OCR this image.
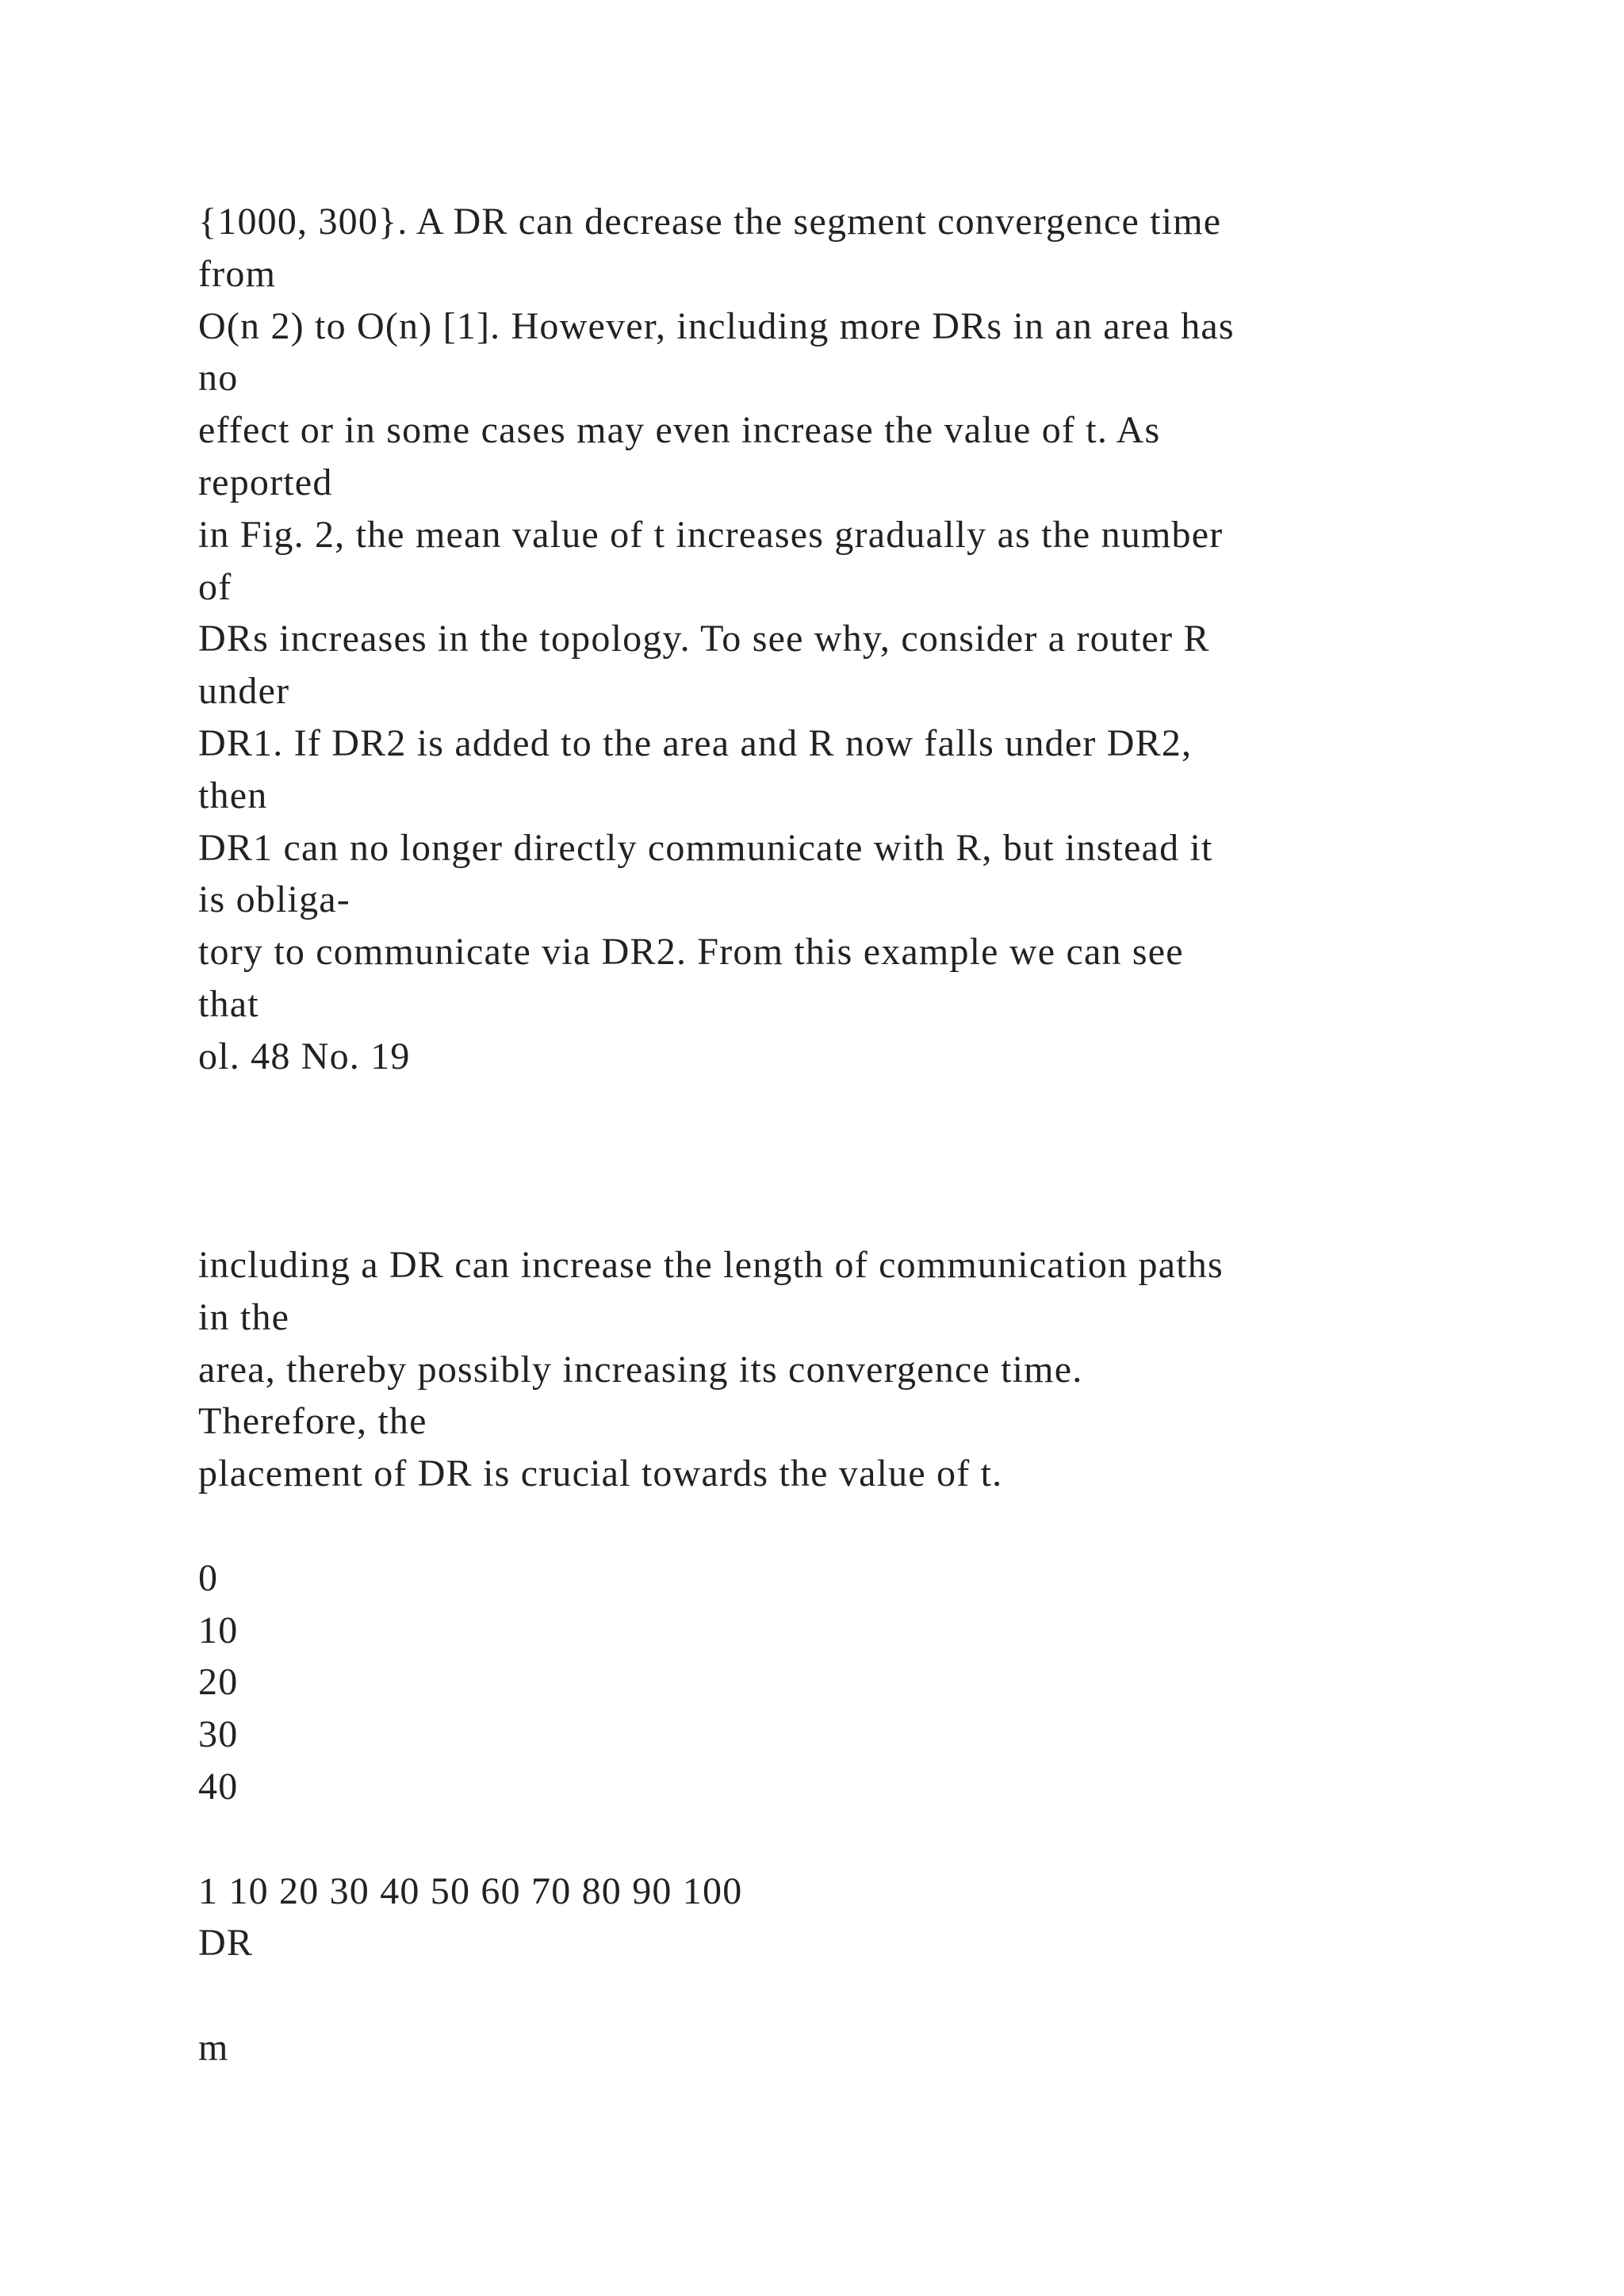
{1000, 300}. A DR can decrease the segment convergence time
from
O(n 2) to O(n) [1]. However, including more DRs in an area has
no
effect or in some cases may even increase the value of t. As
reported
in Fig. 2, the mean value of t increases gradually as the number
of
DRs increases in the topology. To see why, consider a router R
under
DR1. If DR2 is added to the area and R now falls under DR2,
then
DR1 can no longer directly communicate with R, but instead it
is obliga-
tory to communicate via DR2. From this example we can see
that
ol. 48 No. 19
including a DR can increase the length of communication paths
in the
area, thereby possibly increasing its convergence time.
Therefore, the
placement of DR is crucial towards the value of t.
0
10
20
30
40
1 10 20 30 40 50 60 70 80 90 100
DR
m
